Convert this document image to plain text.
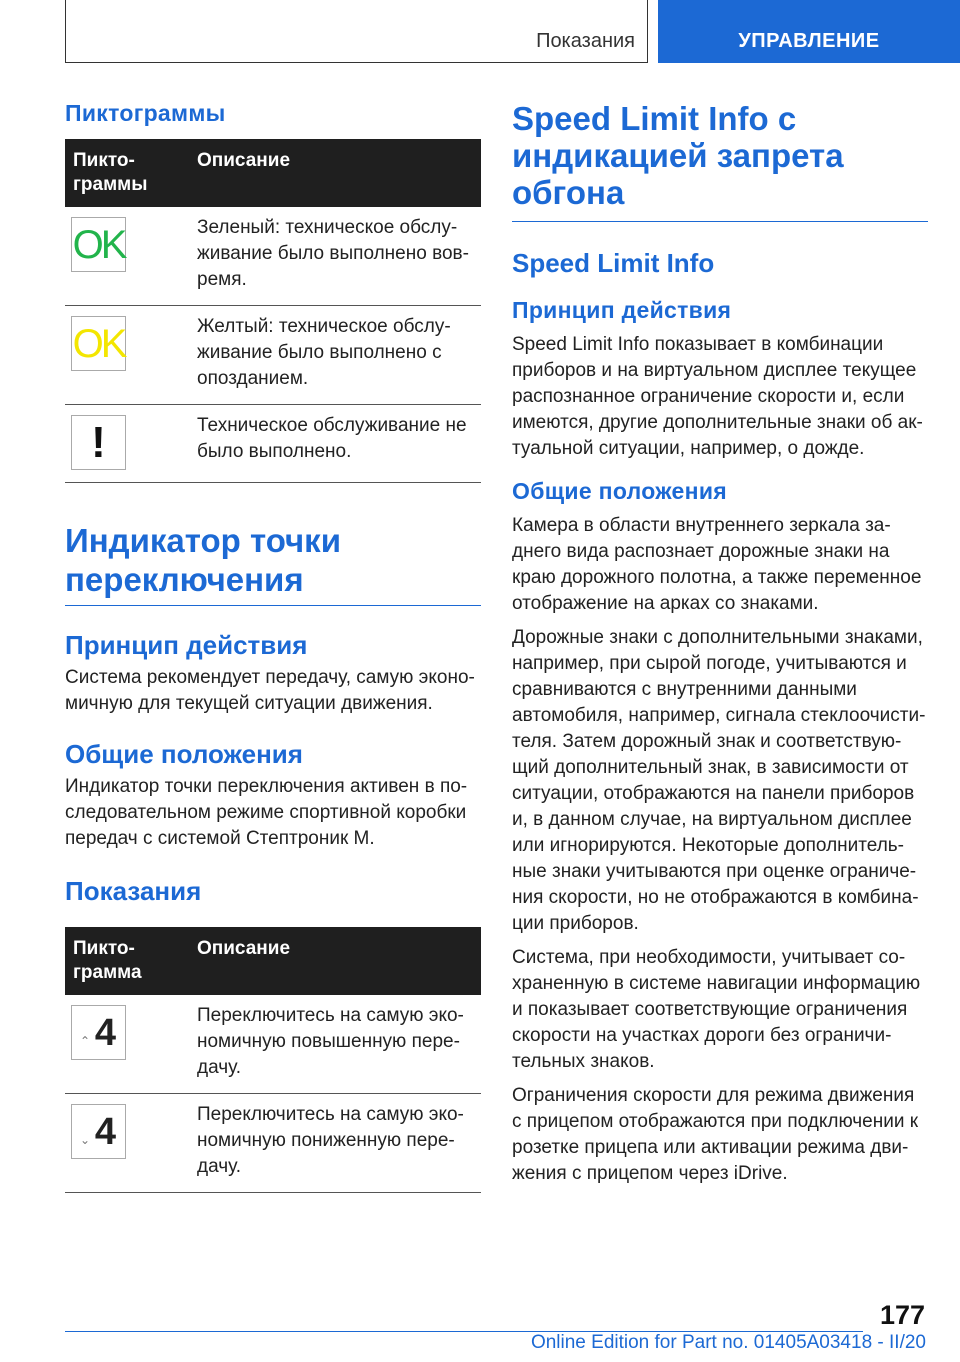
Показания	УПРАВЛЕНИЕ
Пиктограммы
Пикто-
граммы	Описание

OK	Зеленый: техническое обслу-живание было выполнено вов-ремя.

OK	Желтый: техническое обслу-живание было выполнено с опозданием.

!	Техническое обслуживание не было выполнено.
Индикатор точки переключения
Принцип действия

Система рекомендует передачу, самую эконо-мичную для текущей ситуации движения.

Общие положения

Индикатор точки переключения активен в по-следовательном режиме спортивной коробки передач с системой Стептроник M.

Показания
Пикто-
грамма	Описание

⌃ 4	Переключитесь на самую эко-номичную повышенную пере-дачу.

⌄ 4	Переключитесь на самую эко-номичную пониженную пере-дачу.
Speed Limit Info с индикацией запрета обгона
Speed Limit Info
Принцип действия

Speed Limit Info показывает в комбинации приборов и на виртуальном дисплее текущее распознанное ограничение скорости и, если имеются, другие дополнительные знаки об ак-туальной ситуации, например, о дожде.

Общие положения

Камера в области внутреннего зеркала за-днего вида распознает дорожные знаки на краю дорожного полотна, а также переменное отображение на арках со знаками.

Дорожные знаки с дополнительными знаками, например, при сырой погоде, учитываются и сравниваются с внутренними данными автомобиля, например, сигнала стеклоочисти-теля. Затем дорожный знак и соответствую-щий дополнительный знак, в зависимости от ситуации, отображаются на панели приборов и, в данном случае, на виртуальном дисплее или игнорируются. Некоторые дополнитель-ные знаки учитываются при оценке ограниче-ния скорости, но не отображаются в комбина-ции приборов.

Система, при необходимости, учитывает со-храненную в системе навигации информацию и показывает соответствующие ограничения скорости на участках дороги без ограничи-тельных знаков.

Ограничения скорости для режима движения с прицепом отображаются при подключении к розетке прицепа или активации режима дви-жения с прицепом через iDrive.

177
Online Edition for Part no. 01405A03418 - II/20
